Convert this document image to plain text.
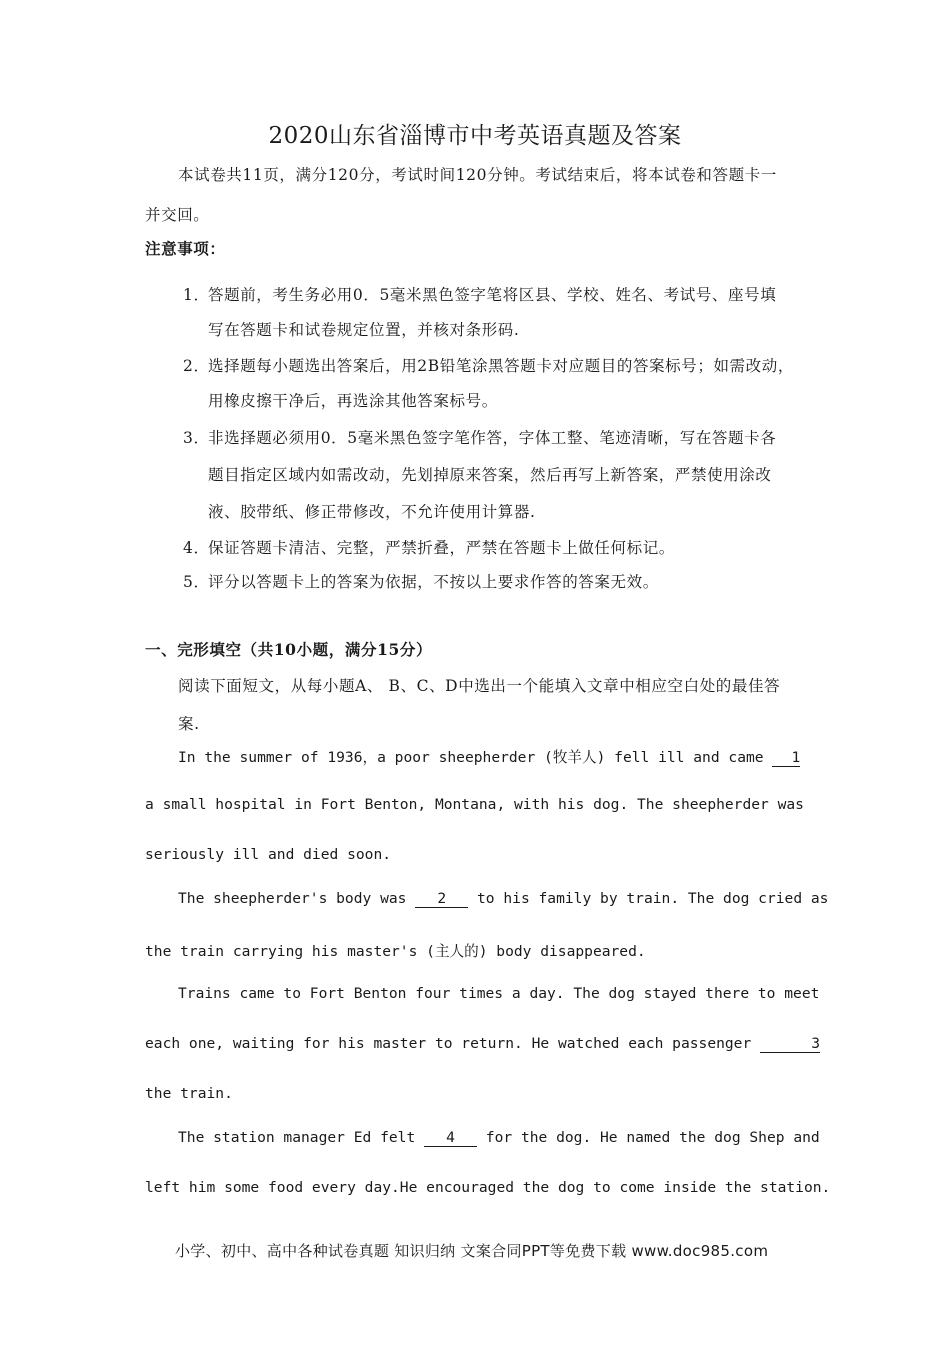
2020山东省淄博市中考英语真题及答案
本试卷共11页，满分120分，考试时间120分钟。考试结束后，将本试卷和答题卡一
并交回。
注意事项：
1．
答题前，考生务必用0．5毫米黑色签字笔将区县、学校、姓名、考试号、座号填
写在答题卡和试卷规定位置，并核对条形码.
2．
选择题每小题选出答案后，用2B铅笔涂黑答题卡对应题目的答案标号；如需改动，
用橡皮擦干净后，再选涂其他答案标号。
3．
非选择题必须用0．5毫米黑色签字笔作答，字体工整、笔迹清晰，写在答题卡各
题目指定区域内如需改动，先划掉原来答案，然后再写上新答案，严禁使用涂改
液、胶带纸、修正带修改，不允许使用计算器.
4．
保证答题卡清洁、完整，严禁折叠，严禁在答题卡上做任何标记。
5．
评分以答题卡上的答案为依据，不按以上要求作答的答案无效。
一、完形填空（共10小题，满分15分）
阅读下面短文，从每小题A、 B、C、D中选出一个能填入文章中相应空白处的最佳答
案.
In the summer of 1936，a poor sheepherder (牧羊人) fell ill and came 1
a small hospital in Fort Benton, Montana, with his dog. The sheepherder was
seriously ill and died soon.
The sheepherder's body was 2 to his family by train. The dog cried as
the train carrying his master's (主人的) body disappeared.
Trains came to Fort Benton four times a day. The dog stayed there to meet
each one, waiting for his master to return. He watched each passenger	3
the train.
The station manager Ed felt 4 for the dog. He named the dog Shep and
left him some food every day.He encouraged the dog to come inside the station.
小学、初中、高中各种试卷真题 知识归纳 文案合同PPT等免费下载 www.doc985.com
